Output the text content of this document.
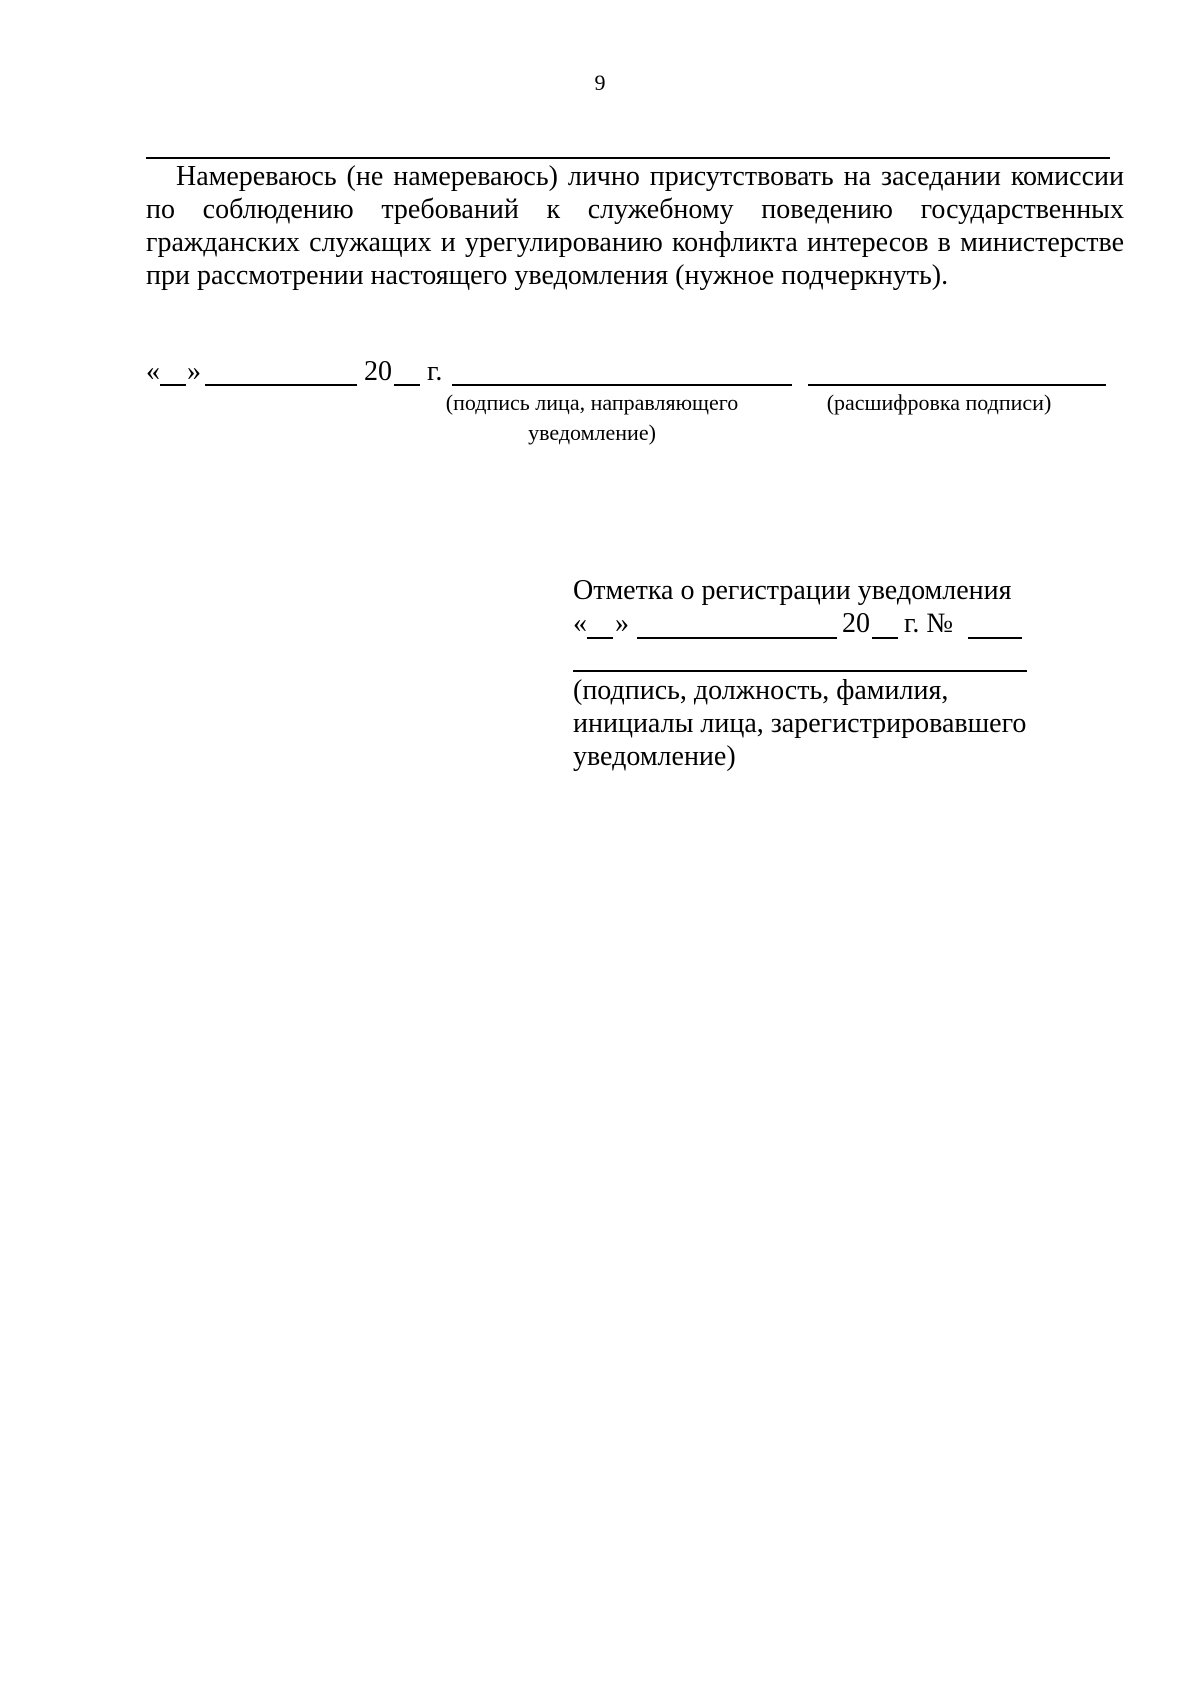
9

Намереваюсь (не намереваюсь) лично присутствовать на заседании комиссии по соблюдению требований к служебному поведению государственных гражданских служащих и урегулированию конфликта интересов в министерстве при рассмотрении настоящего уведомления (нужное подчеркнуть).

« »	20 г.
(подпись лица, направляющего
уведомление)
(расшифровка подписи)
Отметка о регистрации уведомления
« »	20 г. №
(подпись, должность, фамилия,
инициалы лица, зарегистрировавшего
уведомление)
